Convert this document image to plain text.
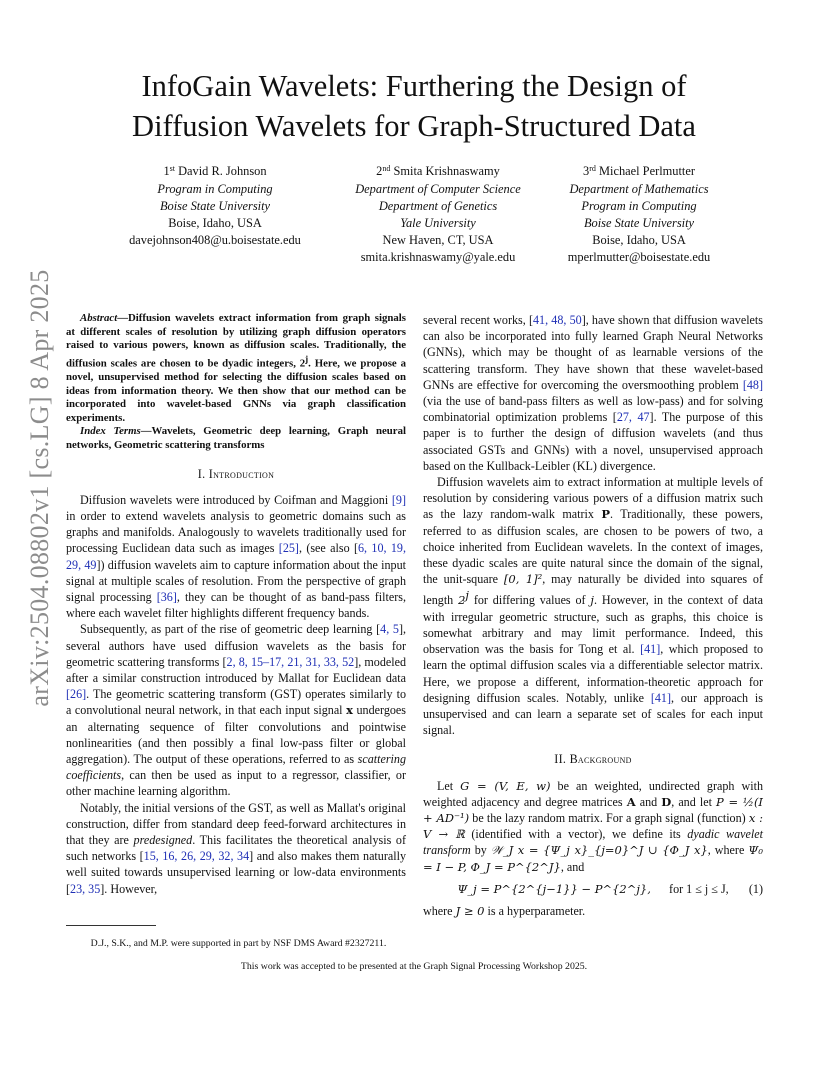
InfoGain Wavelets: Furthering the Design of
Diffusion Wavelets for Graph-Structured Data
1st David R. Johnson
Program in Computing
Boise State University
Boise, Idaho, USA
davejohnson408@u.boisestate.edu
2nd Smita Krishnaswamy
Department of Computer Science
Department of Genetics
Yale University
New Haven, CT, USA
smita.krishnaswamy@yale.edu
3rd Michael Perlmutter
Department of Mathematics
Program in Computing
Boise State University
Boise, Idaho, USA
mperlmutter@boisestate.edu
arXiv:2504.08802v1 [cs.LG] 8 Apr 2025	Abstract—Diffusion wavelets extract information from graph signals at different scales of resolution by utilizing graph diffusion operators raised to various powers, known as diffusion scales. Traditionally, the diffusion scales are chosen to be dyadic integers, 2$^j$. Here, we propose a novel, unsupervised method for selecting the diffusion scales based on ideas from information theory. We then show that our method can be incorporated into wavelet-based GNNs via graph classification experiments.

Index Terms—Wavelets, Geometric deep learning, Graph neural networks, Geometric scattering transforms

I. Introduction

Diffusion wavelets were introduced by Coifman and Maggioni [9] in order to extend wavelets analysis to geometric domains such as graphs and manifolds. Analogously to wavelets traditionally used for processing Euclidean data such as images [25], (see also [6, 10, 19, 29, 49]) diffusion wavelets aim to capture information about the input signal at multiple scales of resolution. From the perspective of graph signal processing [36], they can be thought of as band-pass filters, where each wavelet filter highlights different frequency bands.

Subsequently, as part of the rise of geometric deep learning [4, 5], several authors have used diffusion wavelets as the basis for geometric scattering transforms [2, 8, 15–17, 21, 31, 33, 52], modeled after a similar construction introduced by Mallat for Euclidean data [26]. The geometric scattering transform (GST) operates similarly to a convolutional neural network, in that each input signal x undergoes an alternating sequence of filter convolutions and pointwise nonlinearities (and then possibly a final low-pass filter or global aggregation). The output of these operations, referred to as scattering coefficients, can then be used as input to a regressor, classifier, or other machine learning algorithm.

Notably, the initial versions of the GST, as well as Mallat's original construction, differ from standard deep feed-forward architectures in that they are predesigned. This facilitates the theoretical analysis of such networks [15, 16, 26, 29, 32, 34] and also makes them naturally well suited towards unsupervised learning or low-data environments [23, 35]. However,

several recent works, [41, 48, 50], have shown that diffusion wavelets can also be incorporated into fully learned Graph Neural Networks (GNNs), which may be thought of as learnable versions of the scattering transform. They have shown that these wavelet-based GNNs are effective for overcoming the oversmoothing problem [48] (via the use of band-pass filters as well as low-pass) and for solving combinatorial optimization problems [27, 47]. The purpose of this paper is to further the design of diffusion wavelets (and thus associated GSTs and GNNs) with a novel, unsupervised approach based on the Kullback-Leibler (KL) divergence.

Diffusion wavelets aim to extract information at multiple levels of resolution by considering various powers of a diffusion matrix such as the lazy random-walk matrix P. Traditionally, these powers, referred to as diffusion scales, are chosen to be powers of two, a choice inherited from Euclidean wavelets. In the context of images, these dyadic scales are quite natural since the domain of the signal, the unit-square [0, 1]², may naturally be divided into squares of length 2$^j$ for differing values of j. However, in the context of data with irregular geometric structure, such as graphs, this choice is somewhat arbitrary and may limit performance. Indeed, this observation was the basis for Tong et al. [41], which proposed to learn the optimal diffusion scales via a differentiable selector matrix. Here, we propose a different, information-theoretic approach for designing diffusion scales. Notably, unlike [41], our approach is unsupervised and can learn a separate set of scales for each input signal.

II. Background

Let G = (V, E, w) be an weighted, undirected graph with weighted adjacency and degree matrices A and D, and let P = ½(I + AD⁻¹) be the lazy random matrix. For a graph signal (function) x : V → ℝ (identified with a vector), we define its dyadic wavelet transform by 𝒲_J x = {Ψ_j x}_{j=0}^J ∪ {Φ_J x}, where Ψ₀ = I − P, Φ_J = P^{2^J}, and

Ψ_j = P^{2^{j−1}} − P^{2^j}, for 1 ≤ j ≤ J, (1)

where J ≥ 0 is a hyperparameter.

D.J., S.K., and M.P. were supported in part by NSF DMS Award #2327211.
This work was accepted to be presented at the Graph Signal Processing Workshop 2025.
